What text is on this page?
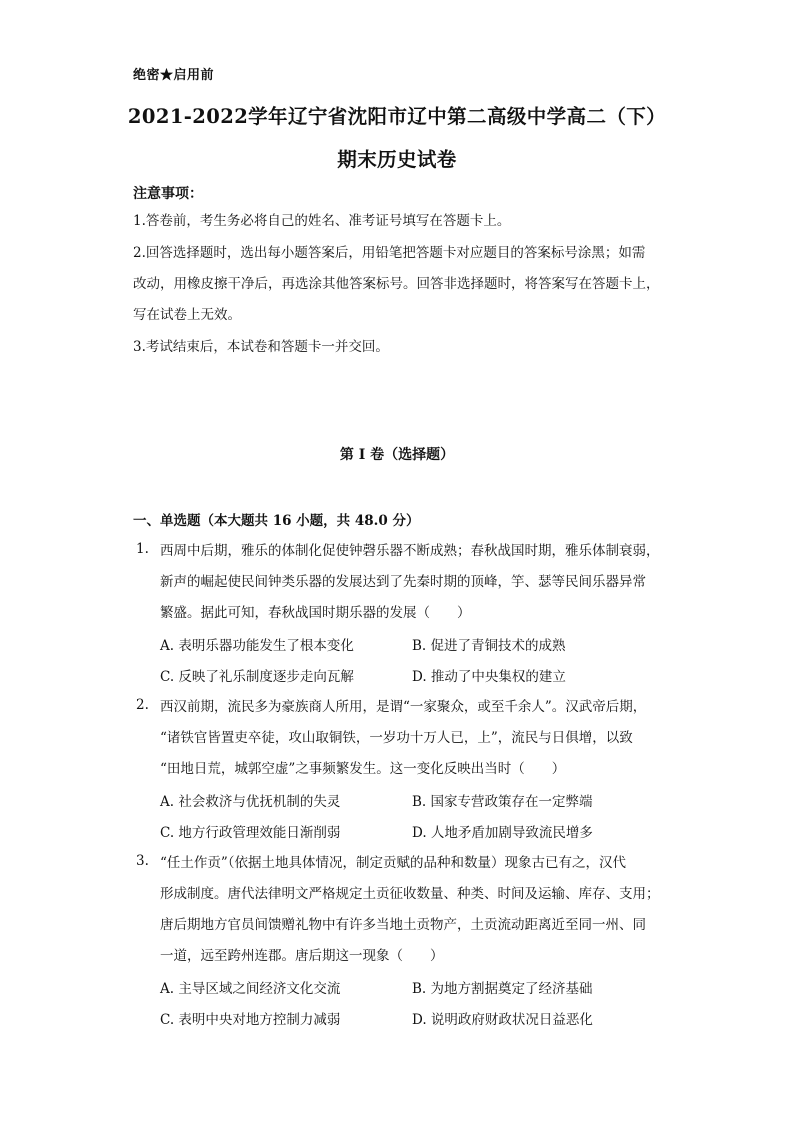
绝密★启用前
2021-2022学年辽宁省沈阳市辽中第二高级中学高二（下）
期末历史试卷
注意事项：
1.答卷前，考生务必将自己的姓名、准考证号填写在答题卡上。
2.回答选择题时，选出每小题答案后，用铅笔把答题卡对应题目的答案标号涂黑；如需
改动，用橡皮擦干净后，再选涂其他答案标号。回答非选择题时，将答案写在答题卡上，
写在试卷上无效。
3.考试结束后，本试卷和答题卡一并交回。
第 I 卷（选择题）
一、单选题（本大题共 16 小题，共 48.0 分）
1. 西周中后期，雅乐的体制化促使钟磬乐器不断成熟；春秋战国时期，雅乐体制衰弱，
新声的崛起使民间钟类乐器的发展达到了先秦时期的顶峰，竽、瑟等民间乐器异常
繁盛。据此可知，春秋战国时期乐器的发展（　　）
A. 表明乐器功能发生了根本变化	B. 促进了青铜技术的成熟
C. 反映了礼乐制度逐步走向瓦解	D. 推动了中央集权的建立
2. 西汉前期，流民多为豪族商人所用，是谓“一家聚众，或至千余人”。汉武帝后期，
“诸铁官皆置吏卒徒，攻山取铜铁，一岁功十万人已，上”，流民与日俱增，以致
“田地日荒，城郭空虚”之事频繁发生。这一变化反映出当时（　　）
A. 社会救济与优抚机制的失灵	B. 国家专营政策存在一定弊端
C. 地方行政管理效能日渐削弱	D. 人地矛盾加剧导致流民增多
3. “任土作贡”（依据土地具体情况，制定贡赋的品种和数量）现象古已有之，汉代
形成制度。唐代法律明文严格规定土贡征收数量、种类、时间及运输、库存、支用；
唐后期地方官员间馈赠礼物中有许多当地土贡物产，土贡流动距离近至同一州、同
一道，远至跨州连郡。唐后期这一现象（　　）
A. 主导区域之间经济文化交流	B. 为地方割据奠定了经济基础
C. 表明中央对地方控制力减弱	D. 说明政府财政状况日益恶化
